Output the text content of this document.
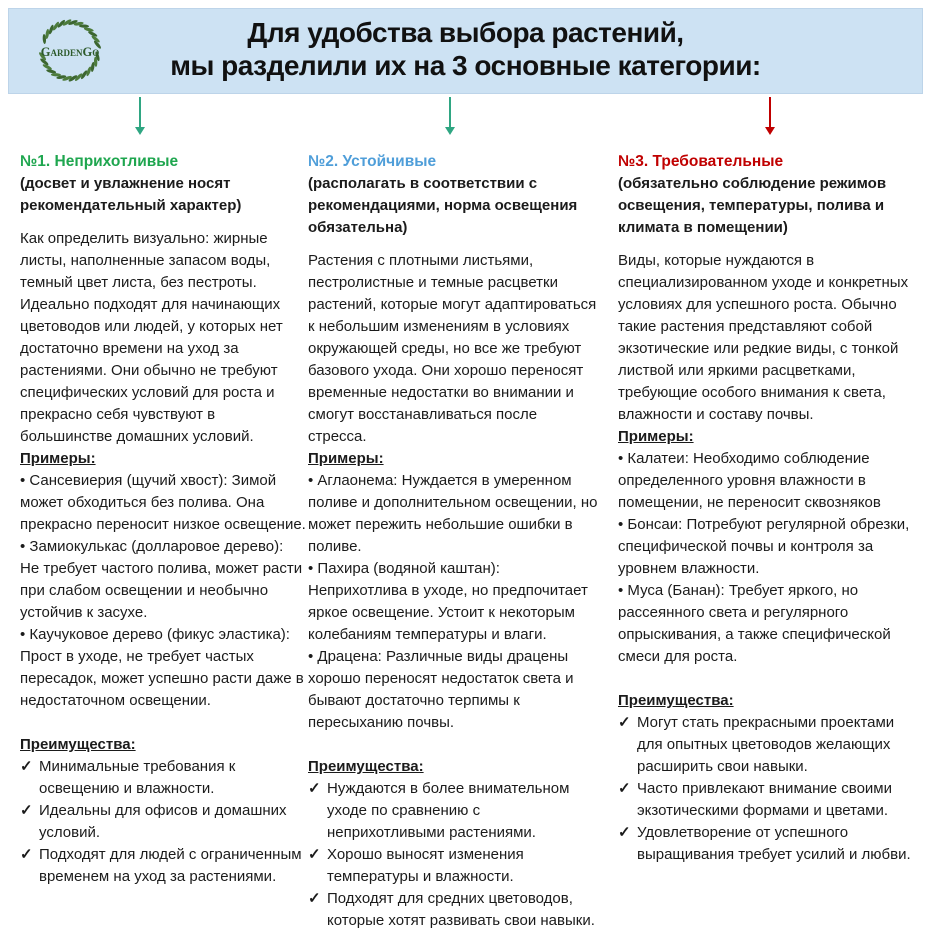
GardenGo
Для удобства выбора растений,
мы разделили их на 3 основные категории:
№1. Неприхотливые

(досвет и увлажнение носят рекомендательный характер)

Как определить визуально: жирные листы, наполненные запасом воды, темный цвет листа, без пестроты. Идеально подходят для начинающих цветоводов или людей, у которых нет достаточно времени на уход за растениями. Они обычно не требуют специфических условий для роста и прекрасно себя чувствуют в большинстве домашних условий.

Примеры:

• Сансевиерия (щучий хвост): Зимой может обходиться без полива. Она прекрасно переносит низкое освещение.
• Замиокулькас (долларовое дерево): Не требует частого полива, может расти при слабом освещении и необычно устойчив к засухе.
• Каучуковое дерево (фикус эластика): Прост в уходе, не требует частых пересадок, может успешно расти даже в недостаточном освещении.

Преимущества:

✓ Минимальные требования к освещению и влажности.
✓ Идеальны для офисов и домашних условий.
✓ Подходят для людей с ограниченным временем на уход за растениями.
№2. Устойчивые

(располагать в соответствии с рекомендациями, норма освещения обязательна)

Растения с плотными листьями, пестролистные и темные расцветки растений, которые могут адаптироваться к небольшим изменениям в условиях окружающей среды, но все же требуют базового ухода. Они хорошо переносят временные недостатки во внимании и смогут восстанавливаться после стресса.

Примеры:

• Аглаонема: Нуждается в умеренном поливе и дополнительном освещении, но может пережить небольшие ошибки в поливе.
• Пахира (водяной каштан): Неприхотлива в уходе, но предпочитает яркое освещение. Устоит к некоторым колебаниям температуры и влаги.
• Драцена: Различные виды драцены хорошо переносят недостаток света и бывают достаточно терпимы к пересыханию почвы.

Преимущества:

✓ Нуждаются в более внимательном уходе по сравнению с неприхотливыми растениями.
✓ Хорошо выносят изменения температуры и влажности.
✓ Подходят для средних цветоводов, которые хотят развивать свои навыки.
№3. Требовательные

(обязательно соблюдение режимов освещения, температуры, полива и климата в помещении)

Виды, которые нуждаются в специализированном уходе и конкретных условиях для успешного роста. Обычно такие растения представляют собой экзотические или редкие виды, с тонкой листвой или яркими расцветками, требующие особого внимания к света, влажности и составу почвы.

Примеры:

• Калатеи: Необходимо соблюдение определенного уровня влажности в помещении, не переносит сквозняков
• Бонсаи: Потребуют регулярной обрезки, специфической почвы и контроля за уровнем влажности.
• Муса (Банан): Требует яркого, но рассеянного света и регулярного опрыскивания, а также специфической смеси для роста.

Преимущества:

✓ Могут стать прекрасными проектами для опытных цветоводов желающих расширить свои навыки.
✓ Часто привлекают внимание своими экзотическими формами и цветами.
✓ Удовлетворение от успешного выращивания требует усилий и любви.
